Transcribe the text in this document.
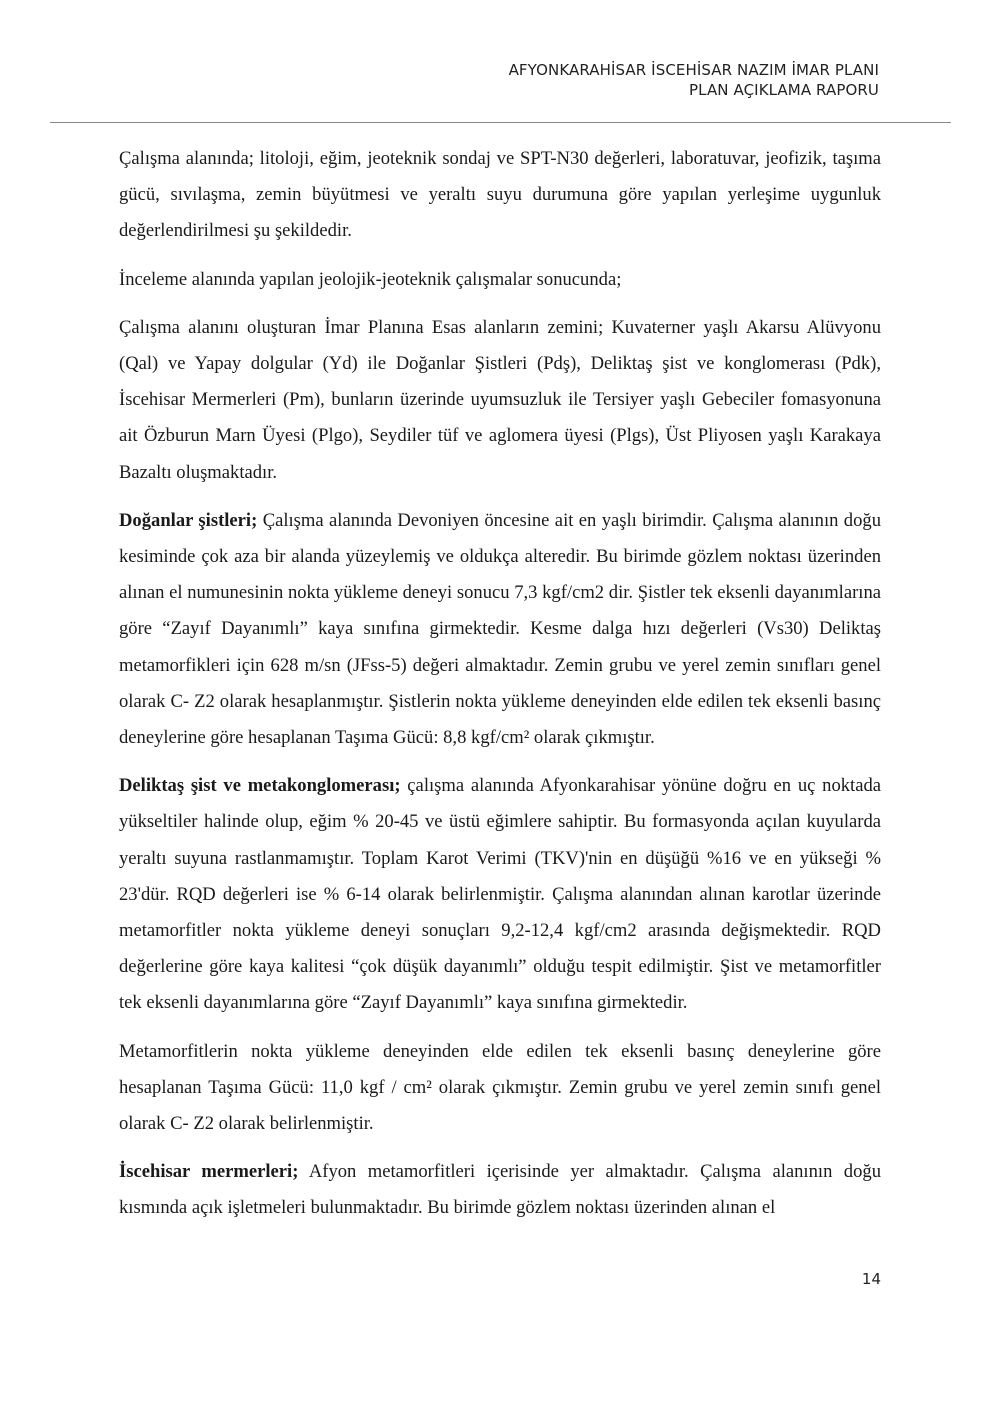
AFYONKARAHİSAR İSCEHİSAR NAZIM İMAR PLANI
PLAN AÇIKLAMA RAPORU

Çalışma alanında; litoloji, eğim, jeoteknik sondaj ve SPT-N30 değerleri, laboratuvar, jeofizik, taşıma gücü, sıvılaşma, zemin büyütmesi ve yeraltı suyu durumuna göre yapılan yerleşime uygunluk değerlendirilmesi şu şekildedir.

İnceleme alanında yapılan jeolojik-jeoteknik çalışmalar sonucunda;

Çalışma alanını oluşturan İmar Planına Esas alanların zemini; Kuvaterner yaşlı Akarsu Alüvyonu (Qal) ve Yapay dolgular (Yd) ile Doğanlar Şistleri (Pdş), Deliktaş şist ve konglomerası (Pdk), İscehisar Mermerleri (Pm), bunların üzerinde uyumsuzluk ile Tersiyer yaşlı Gebeciler fomasyonuna ait Özburun Marn Üyesi (Plgo), Seydiler tüf ve aglomera üyesi (Plgs), Üst Pliyosen yaşlı Karakaya Bazaltı oluşmaktadır.

Doğanlar şistleri; Çalışma alanında Devoniyen öncesine ait en yaşlı birimdir. Çalışma alanının doğu kesiminde çok aza bir alanda yüzeylemiş ve oldukça alteredir. Bu birimde gözlem noktası üzerinden alınan el numunesinin nokta yükleme deneyi sonucu 7,3 kgf/cm2 dir. Şistler tek eksenli dayanımlarına göre “Zayıf Dayanımlı” kaya sınıfına girmektedir. Kesme dalga hızı değerleri (Vs30) Deliktaş metamorfikleri için 628 m/sn (JFss-5) değeri almaktadır. Zemin grubu ve yerel zemin sınıfları genel olarak C- Z2 olarak hesaplanmıştır. Şistlerin nokta yükleme deneyinden elde edilen tek eksenli basınç deneylerine göre hesaplanan Taşıma Gücü: 8,8 kgf/cm² olarak çıkmıştır.

Deliktaş şist ve metakonglomerası; çalışma alanında Afyonkarahisar yönüne doğru en uç noktada yükseltiler halinde olup, eğim % 20-45 ve üstü eğimlere sahiptir. Bu formasyonda açılan kuyularda yeraltı suyuna rastlanmamıştır. Toplam Karot Verimi (TKV)'nin en düşüğü %16 ve en yükseği % 23'dür. RQD değerleri ise % 6-14 olarak belirlenmiştir. Çalışma alanından alınan karotlar üzerinde metamorfitler nokta yükleme deneyi sonuçları 9,2-12,4 kgf/cm2 arasında değişmektedir. RQD değerlerine göre kaya kalitesi “çok düşük dayanımlı” olduğu tespit edilmiştir. Şist ve metamorfitler tek eksenli dayanımlarına göre “Zayıf Dayanımlı” kaya sınıfına girmektedir.

Metamorfitlerin nokta yükleme deneyinden elde edilen tek eksenli basınç deneylerine göre hesaplanan Taşıma Gücü: 11,0 kgf / cm² olarak çıkmıştır. Zemin grubu ve yerel zemin sınıfı genel olarak C- Z2 olarak belirlenmiştir.

İscehisar mermerleri; Afyon metamorfitleri içerisinde yer almaktadır. Çalışma alanının doğu kısmında açık işletmeleri bulunmaktadır. Bu birimde gözlem noktası üzerinden alınan el

14
